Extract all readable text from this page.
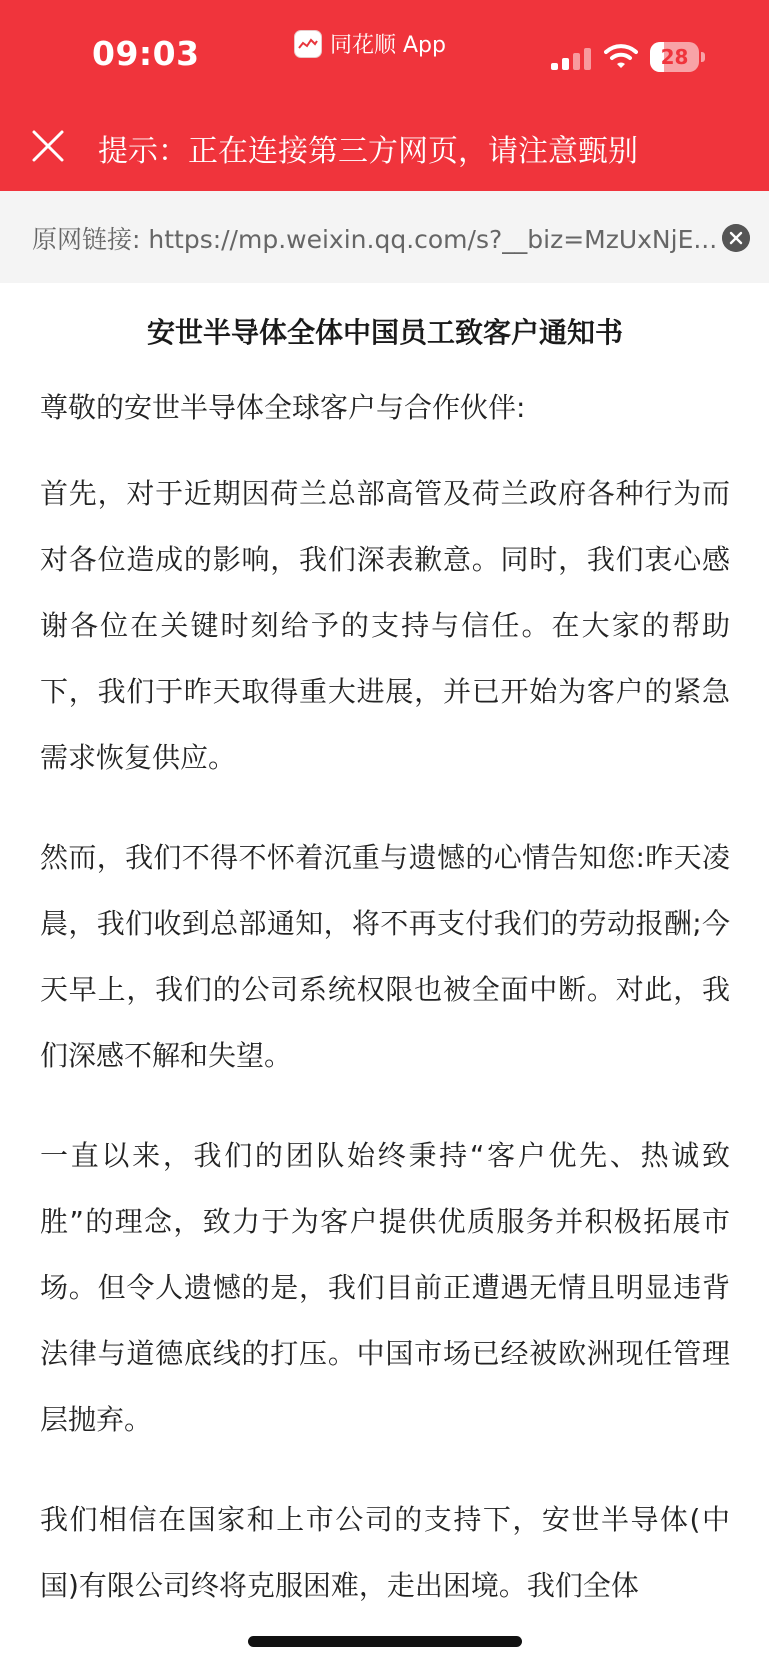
09:03	同花顺 App	28
提示：正在连接第三方网页，请注意甄别
原网链接: https://mp.weixin.qq.com/s?__biz=MzUxNjE...
安世半导体全体中国员工致客户通知书
尊敬的安世半导体全球客户与合作伙伴:

首先，对于近期因荷兰总部高管及荷兰政府各种行为而对各位造成的影响，我们深表歉意。同时，我们衷心感谢各位在关键时刻给予的支持与信任。在大家的帮助下，我们于昨天取得重大进展，并已开始为客户的紧急需求恢复供应。

然而，我们不得不怀着沉重与遗憾的心情告知您:昨天凌晨，我们收到总部通知，将不再支付我们的劳动报酬;今天早上，我们的公司系统权限也被全面中断。对此，我们深感不解和失望。

一直以来，我们的团队始终秉持“客户优先、热诚致胜”的理念，致力于为客户提供优质服务并积极拓展市场。但令人遗憾的是，我们目前正遭遇无情且明显违背法律与道德底线的打压。中国市场已经被欧洲现任管理层抛弃。

我们相信在国家和上市公司的支持下，安世半导体(中国)有限公司终将克服困难，走出困境。我们全体
